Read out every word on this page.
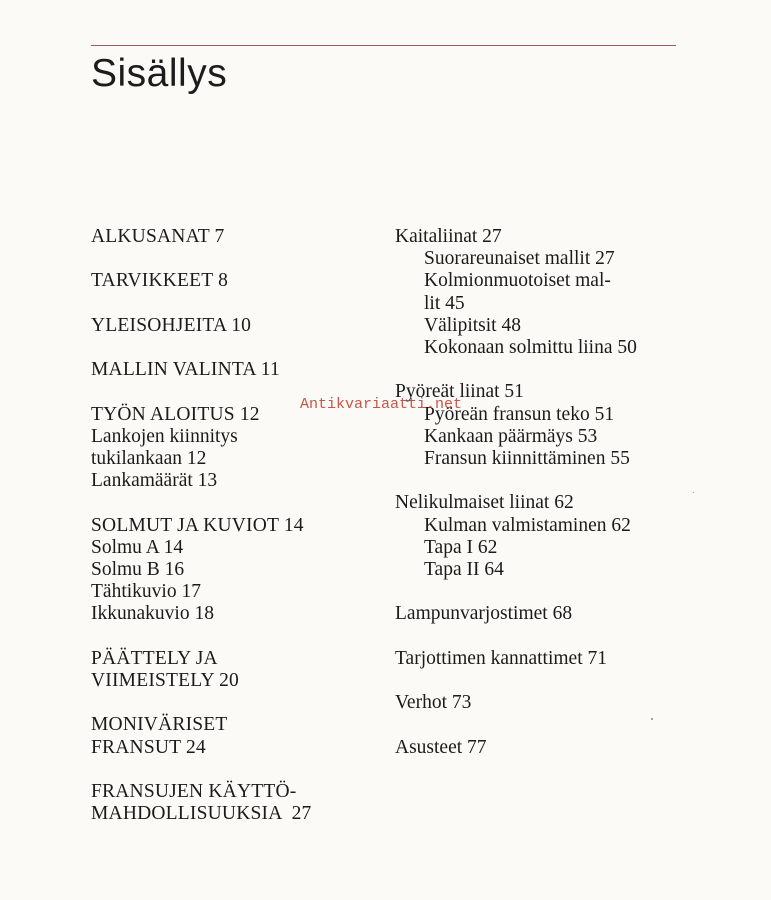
Sisällys
ALKUSANAT 7
TARVIKKEET 8
YLEISOHJEITA 10
MALLIN VALINTA 11
TYÖN ALOITUS 12
Lankojen kiinnitys
tukilankaan 12
Lankamäärät 13
SOLMUT JA KUVIOT 14
Solmu A 14
Solmu B 16
Tähtikuvio 17
Ikkunakuvio 18
PÄÄTTELY JA
VIIMEISTELY 20
MONIVÄRISET
FRANSUT 24
FRANSUJEN KÄYTTÖ-
MAHDOLLISUUKSIA  27
Kaitaliinat 27
Suorareunaiset mallit 27
Kolmionmuotoiset mal-
lit 45
Välipitsit 48
Kokonaan solmittu liina 50
Pyöreät liinat 51
Pyöreän fransun teko 51
Kankaan päärmäys 53
Fransun kiinnittäminen 55
Nelikulmaiset liinat 62
Kulman valmistaminen 62
Tapa I 62
Tapa II 64
Lampunvarjostimet 68
Tarjottimen kannattimet 71
Verhot 73
Asusteet 77
Antikvariaatti.net
